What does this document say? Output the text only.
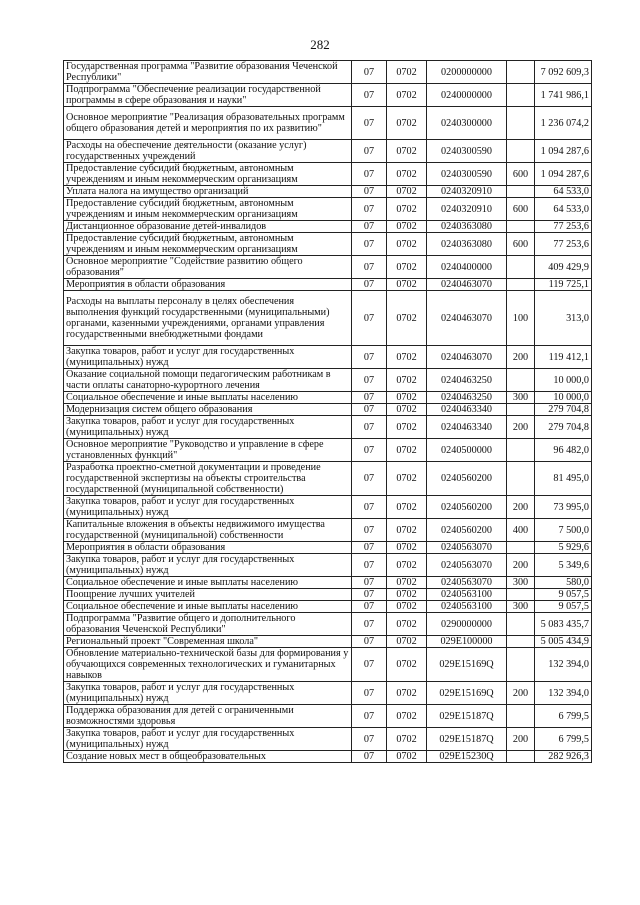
282
Государственная программа "Развитие образования Чеченской Республики"	07	0702	0200000000		7 092 609,3
Подпрограмма "Обеспечение реализации государственной программы в сфере образования и науки"	07	0702	0240000000		1 741 986,1
Основное мероприятие "Реализация образовательных программ общего образования детей и мероприятия по их развитию"	07	0702	0240300000		1 236 074,2
Расходы на обеспечение деятельности (оказание услуг) государственных учреждений	07	0702	0240300590		1 094 287,6
Предоставление субсидий бюджетным, автономным учреждениям и иным некоммерческим организациям	07	0702	0240300590	600	1 094 287,6
Уплата налога на имущество организаций	07	0702	0240320910		64 533,0
Предоставление субсидий бюджетным, автономным учреждениям и иным некоммерческим организациям	07	0702	0240320910	600	64 533,0
Дистанционное образование детей-инвалидов	07	0702	0240363080		77 253,6
Предоставление субсидий бюджетным, автономным учреждениям и иным некоммерческим организациям	07	0702	0240363080	600	77 253,6
Основное мероприятие "Содействие развитию общего образования"	07	0702	0240400000		409 429,9
Мероприятия в области образования	07	0702	0240463070		119 725,1
Расходы на выплаты персоналу в целях обеспечения выполнения функций государственными (муниципальными) органами, казенными учреждениями, органами управления государственными внебюджетными фондами	07	0702	0240463070	100	313,0
Закупка товаров, работ и услуг для государственных (муниципальных) нужд	07	0702	0240463070	200	119 412,1
Оказание социальной помощи педагогическим работникам в части оплаты санаторно-курортного лечения	07	0702	0240463250		10 000,0
Социальное обеспечение и иные выплаты населению	07	0702	0240463250	300	10 000,0
Модернизация систем общего образования	07	0702	0240463340		279 704,8
Закупка товаров, работ и услуг для государственных (муниципальных) нужд	07	0702	0240463340	200	279 704,8
Основное мероприятие "Руководство и управление в сфере установленных функций"	07	0702	0240500000		96 482,0
Разработка проектно-сметной документации и проведение государственной экспертизы на объекты строительства государственной (муниципальной собственности)	07	0702	0240560200		81 495,0
Закупка товаров, работ и услуг для государственных (муниципальных) нужд	07	0702	0240560200	200	73 995,0
Капитальные вложения в объекты недвижимого имущества государственной (муниципальной) собственности	07	0702	0240560200	400	7 500,0
Мероприятия в области образования	07	0702	0240563070		5 929,6
Закупка товаров, работ и услуг для государственных (муниципальных) нужд	07	0702	0240563070	200	5 349,6
Социальное обеспечение и иные выплаты населению	07	0702	0240563070	300	580,0
Поощрение лучших учителей	07	0702	0240563100		9 057,5
Социальное обеспечение и иные выплаты населению	07	0702	0240563100	300	9 057,5
Подпрограмма "Развитие общего и дополнительного образования Чеченской Республики"	07	0702	0290000000		5 083 435,7
Региональный проект "Современная школа"	07	0702	029E100000		5 005 434,9
Обновление материально-технической базы для формирования у обучающихся современных технологических и гуманитарных навыков	07	0702	029E15169Q		132 394,0
Закупка товаров, работ и услуг для государственных (муниципальных) нужд	07	0702	029E15169Q	200	132 394,0
Поддержка образования для детей с ограниченными возможностями здоровья	07	0702	029E15187Q		6 799,5
Закупка товаров, работ и услуг для государственных (муниципальных) нужд	07	0702	029E15187Q	200	6 799,5
Создание новых мест в общеобразовательных	07	0702	029E15230Q		282 926,3
